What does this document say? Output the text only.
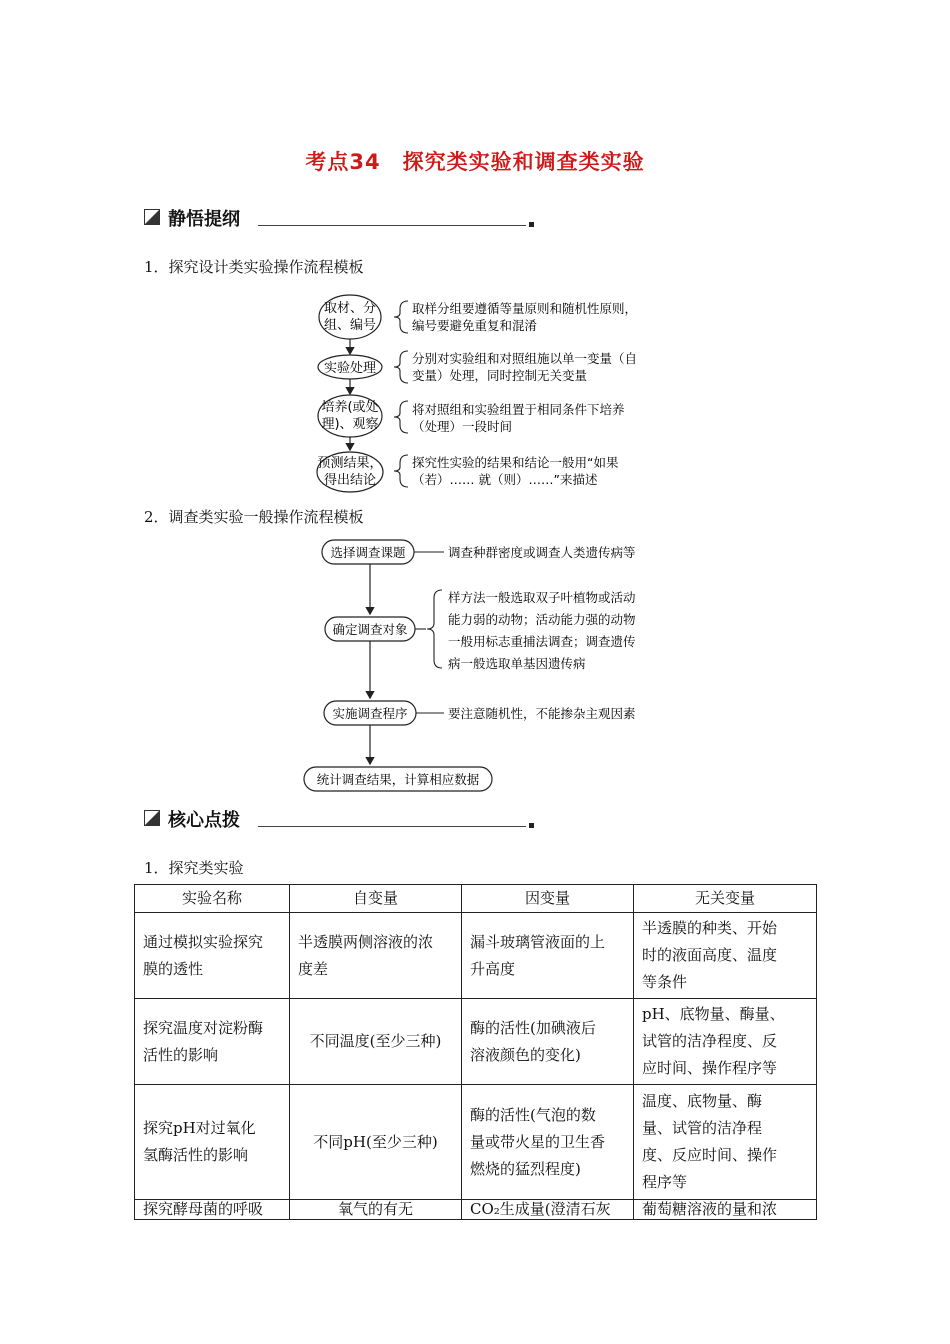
考点34　探究类实验和调查类实验
静悟提纲
1．探究设计类实验操作流程模板
取材、分
组、编号
实验处理
培养(或处
理)、观察
预测结果，
得出结论
取样分组要遵循等量原则和随机性原则，
编号要避免重复和混淆
分别对实验组和对照组施以单一变量（自
变量）处理，同时控制无关变量
将对照组和实验组置于相同条件下培养
（处理）一段时间
探究性实验的结果和结论一般用“如果
（若）…… 就（则）……”来描述
2．调查类实验一般操作流程模板
选择调查课题	调查种群密度或调查人类遗传病等
确定调查对象
样方法一般选取双子叶植物或活动
能力弱的动物；活动能力强的动物
一般用标志重捕法调查；调查遗传
病一般选取单基因遗传病
实施调查程序	要注意随机性，不能掺杂主观因素
统计调查结果，计算相应数据
核心点拨
1．探究类实验
实验名称	自变量	因变量	无关变量

通过模拟实验探究
膜的透性	半透膜两侧溶液的浓
度差	漏斗玻璃管液面的上
升高度	半透膜的种类、开始
时的液面高度、温度
等条件

探究温度对淀粉酶
活性的影响	不同温度(至少三种)	酶的活性(加碘液后
溶液颜色的变化)	pH、底物量、酶量、
试管的洁净程度、反
应时间、操作程序等

探究pH对过氧化
氢酶活性的影响	不同pH(至少三种)	酶的活性(气泡的数
量或带火星的卫生香
燃烧的猛烈程度)	温度、底物量、酶
量、试管的洁净程
度、反应时间、操作
程序等

探究酵母菌的呼吸	氧气的有无	CO₂生成量(澄清石灰	葡萄糖溶液的量和浓
